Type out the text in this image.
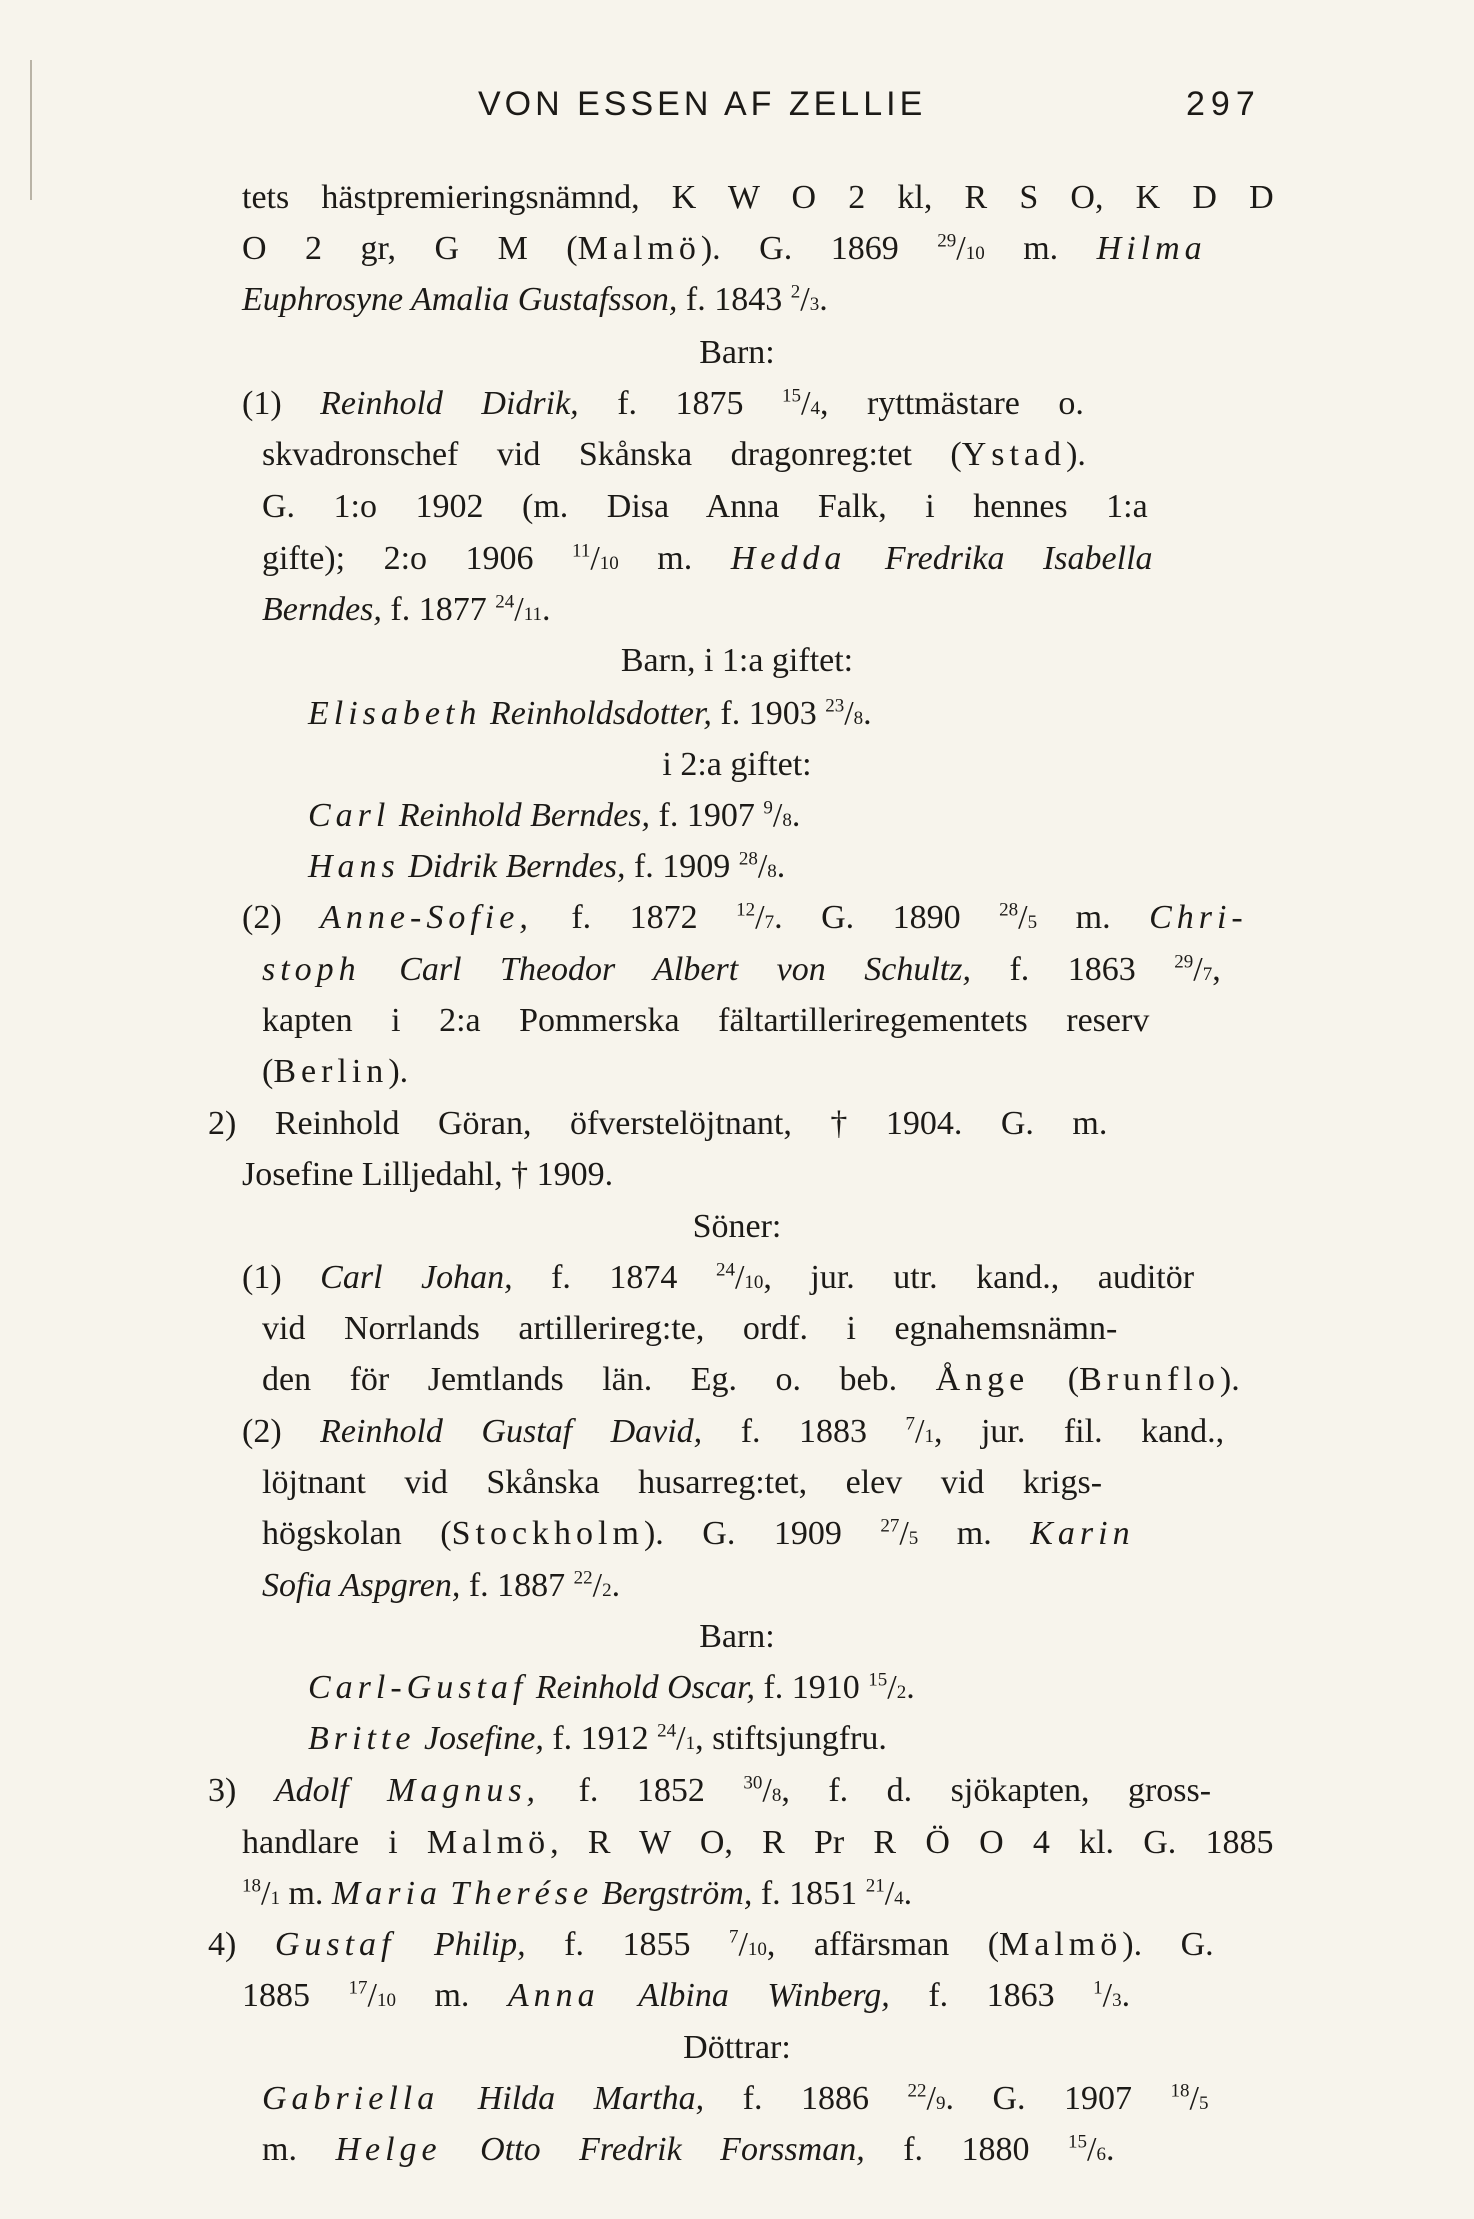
VON ESSEN AF ZELLIE	297
tets hästpremieringsnämnd, K W O 2 kl, R S O, K D D
O 2 gr, G M (Malmö). G. 1869 $^{29}$/10 m. Hilma
Euphrosyne Amalia Gustafsson, f. 1843 $^2$/3.
Barn:
(1) Reinhold Didrik, f. 1875 $^{15}$/4, ryttmästare o.
skvadronschef vid Skånska dragonreg:tet (Ystad).
G. 1:o 1902 (m. Disa Anna Falk, i hennes 1:a
gifte); 2:o 1906 $^{11}$/10 m. Hedda Fredrika Isabella
Berndes, f. 1877 $^{24}$/11.
Barn, i 1:a giftet:
Elisabeth Reinholdsdotter, f. 1903 $^{23}$/8.
i 2:a giftet:
Carl Reinhold Berndes, f. 1907 $^9$/8.
Hans Didrik Berndes, f. 1909 $^{28}$/8.
(2) Anne-Sofie, f. 1872 $^{12}$/7. G. 1890 $^{28}$/5 m. Chri-
stoph Carl Theodor Albert von Schultz, f. 1863 $^{29}$/7,
kapten i 2:a Pommerska fältartilleriregementets reserv
(Berlin).
2) Reinhold Göran, öfverstelöjtnant, † 1904. G. m.
Josefine Lilljedahl, † 1909.
Söner:
(1) Carl Johan, f. 1874 $^{24}$/10, jur. utr. kand., auditör
vid Norrlands artillerireg:te, ordf. i egnahemsnämn-
den för Jemtlands län. Eg. o. beb. Ånge (Brunflo).
(2) Reinhold Gustaf David, f. 1883 $^7$/1, jur. fil. kand.,
löjtnant vid Skånska husarreg:tet, elev vid krigs-
högskolan (Stockholm). G. 1909 $^{27}$/5 m. Karin
Sofia Aspgren, f. 1887 $^{22}$/2.
Barn:
Carl-Gustaf Reinhold Oscar, f. 1910 $^{15}$/2.
Britte Josefine, f. 1912 $^{24}$/1, stiftsjungfru.
3) Adolf Magnus, f. 1852 $^{30}$/8, f. d. sjökapten, gross-
handlare i Malmö, R W O, R Pr R Ö O 4 kl. G. 1885
$^{18}$/1 m. Maria Therése Bergström, f. 1851 $^{21}$/4.
4) Gustaf Philip, f. 1855 $^7$/10, affärsman (Malmö). G.
1885 $^{17}$/10 m. Anna Albina Winberg, f. 1863 $^1$/3.
Döttrar:
Gabriella Hilda Martha, f. 1886 $^{22}$/9. G. 1907 $^{18}$/5
m. Helge Otto Fredrik Forssman, f. 1880 $^{15}$/6.
